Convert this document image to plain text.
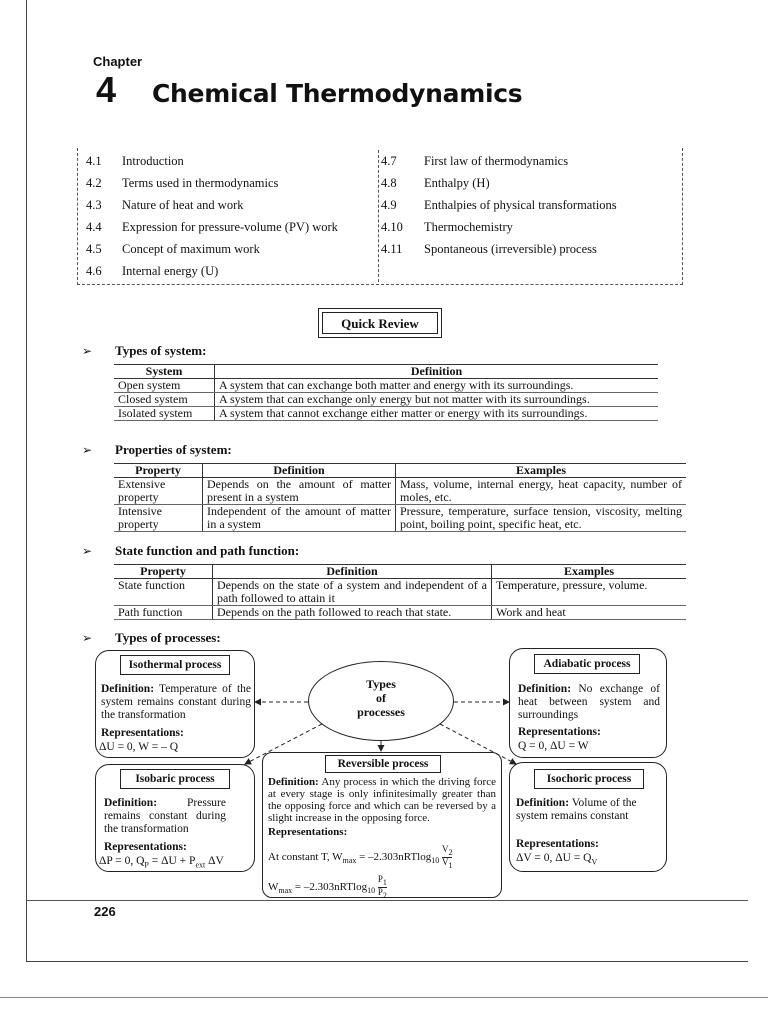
Chapter
4 Chemical Thermodynamics
4.1 Introduction
4.2 Terms used in thermodynamics
4.3 Nature of heat and work
4.4 Expression for pressure-volume (PV) work
4.5 Concept of maximum work
4.6 Internal energy (U)
4.7 First law of thermodynamics
4.8 Enthalpy (H)
4.9 Enthalpies of physical transformations
4.10 Thermochemistry
4.11 Spontaneous (irreversible) process
Quick Review
➢ Types of system:
System	Definition
Open system	A system that can exchange both matter and energy with its surroundings.
Closed system	A system that can exchange only energy but not matter with its surroundings.
Isolated system	A system that cannot exchange either matter or energy with its surroundings.
➢ Properties of system:
Property	Definition	Examples
Extensive property	Depends on the amount of matter present in a system	Mass, volume, internal energy, heat capacity, number of moles, etc.
Intensive property	Independent of the amount of matter in a system	Pressure, temperature, surface tension, viscosity, melting point, boiling point, specific heat, etc.
➢ State function and path function:
Property	Definition	Examples
State function	Depends on the state of a system and independent of a path followed to attain it	Temperature, pressure, volume.
Path function	Depends on the path followed to reach that state.	Work and heat
➢ Types of processes:
Types
of
processes
Isothermal process
Definition: Temperature of the system remains constant during the transformation
Representations:
ΔU = 0, W = – Q
Adiabatic process
Definition: No exchange of heat between system and surroundings
Representations:
Q = 0, ΔU = W
Isobaric process
Definition:	Pressure remains constant during the transformation
Representations:
ΔP = 0, $Q_P = \Delta U + P_{ext}$ ΔV
Isochoric process
Definition: Volume of the system remains constant
Representations:
ΔV = 0, $\Delta U = Q_V$
Reversible process
Definition: Any process in which the driving force at every stage is only infinitesimally greater than the opposing force and which can be reversed by a slight increase in the opposing force.
Representations:
At constant T, $W_{max} = -2.303nRTlog_{10} \frac{V_2}{V_1}$
$W_{max} = -2.303nRTlog_{10} \frac{P_1}{P_2}$
226
